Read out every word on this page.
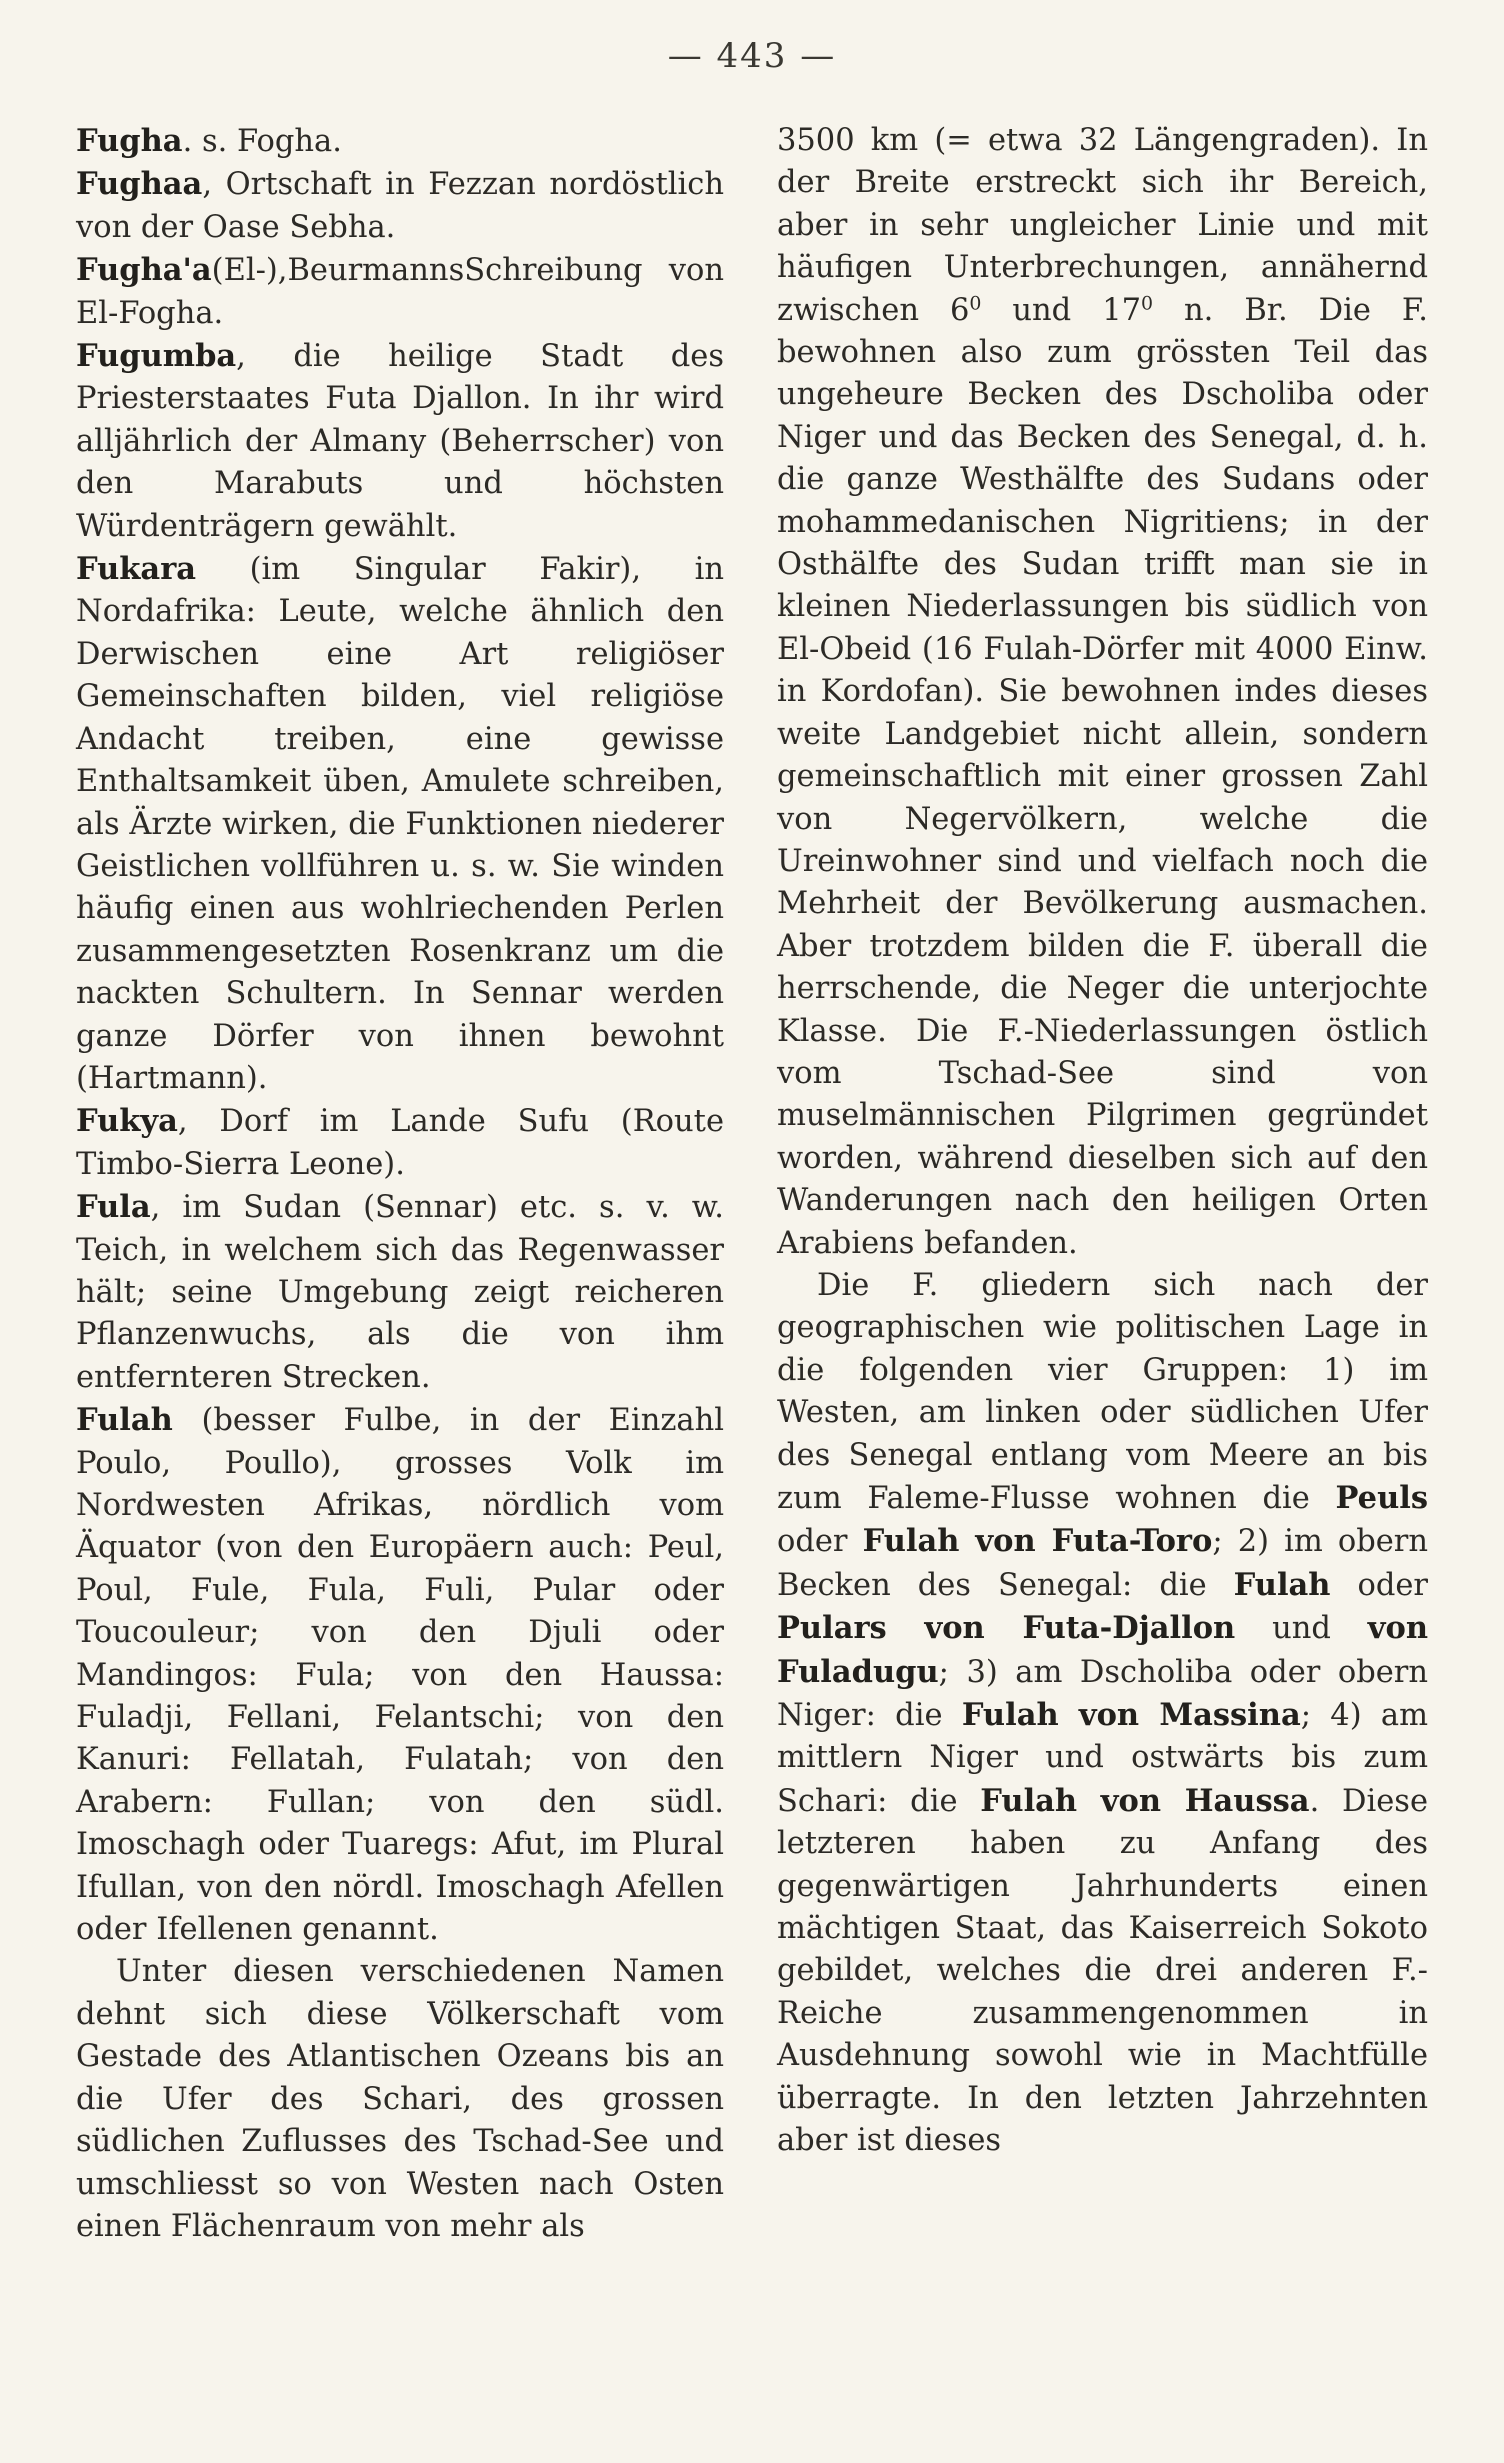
— 443 —

Fugha. s. Fogha.

Fughaa, Ortschaft in Fezzan nordöstlich von der Oase Sebha.

Fugha'a(El-),BeurmannsSchreibung von El-Fogha.

Fugumba, die heilige Stadt des Priesterstaates Futa Djallon. In ihr wird alljährlich der Almany (Beherrscher) von den Marabuts und höchsten Würdenträgern gewählt.

Fukara (im Singular Fakir), in Nordafrika: Leute, welche ähnlich den Derwischen eine Art religiöser Gemeinschaften bilden, viel religiöse Andacht treiben, eine gewisse Enthaltsamkeit üben, Amulete schreiben, als Ärzte wirken, die Funktionen niederer Geistlichen vollführen u. s. w. Sie winden häufig einen aus wohlriechenden Perlen zusammengesetzten Rosenkranz um die nackten Schultern. In Sennar werden ganze Dörfer von ihnen bewohnt (Hartmann).

Fukya, Dorf im Lande Sufu (Route Timbo-Sierra Leone).

Fula, im Sudan (Sennar) etc. s. v. w. Teich, in welchem sich das Regenwasser hält; seine Umgebung zeigt reicheren Pflanzenwuchs, als die von ihm entfernteren Strecken.

Fulah (besser Fulbe, in der Einzahl Poulo, Poullo), grosses Volk im Nordwesten Afrikas, nördlich vom Äquator (von den Europäern auch: Peul, Poul, Fule, Fula, Fuli, Pular oder Toucouleur; von den Djuli oder Mandingos: Fula; von den Haussa: Fuladji, Fellani, Felantschi; von den Kanuri: Fellatah, Fulatah; von den Arabern: Fullan; von den südl. Imoschagh oder Tuaregs: Afut, im Plural Ifullan, von den nördl. Imoschagh Afellen oder Ifellenen genannt.

Unter diesen verschiedenen Namen dehnt sich diese Völkerschaft vom Gestade des Atlantischen Ozeans bis an die Ufer des Schari, des grossen südlichen Zuflusses des Tschad-See und umschliesst so von Westen nach Osten einen Flächenraum von mehr als

3500 km (= etwa 32 Längengraden). In der Breite erstreckt sich ihr Bereich, aber in sehr ungleicher Linie und mit häufigen Unterbrechungen, annähernd zwischen $6^0$ und $17^0$ n. Br. Die F. bewohnen also zum grössten Teil das ungeheure Becken des Dscholiba oder Niger und das Becken des Senegal, d. h. die ganze Westhälfte des Sudans oder mohammedanischen Nigritiens; in der Osthälfte des Sudan trifft man sie in kleinen Niederlassungen bis südlich von El-Obeid (16 Fulah-Dörfer mit 4000 Einw. in Kordofan). Sie bewohnen indes dieses weite Landgebiet nicht allein, sondern gemeinschaftlich mit einer grossen Zahl von Negervölkern, welche die Ureinwohner sind und vielfach noch die Mehrheit der Bevölkerung ausmachen. Aber trotzdem bilden die F. überall die herrschende, die Neger die unterjochte Klasse. Die F.-Niederlassungen östlich vom Tschad-See sind von muselmännischen Pilgrimen gegründet worden, während dieselben sich auf den Wanderungen nach den heiligen Orten Arabiens befanden.

Die F. gliedern sich nach der geographischen wie politischen Lage in die folgenden vier Gruppen: 1) im Westen, am linken oder südlichen Ufer des Senegal entlang vom Meere an bis zum Faleme-Flusse wohnen die Peuls oder Fulah von Futa-Toro; 2) im obern Becken des Senegal: die Fulah oder Pulars von Futa-Djallon und von Fuladugu; 3) am Dscholiba oder obern Niger: die Fulah von Massina; 4) am mittlern Niger und ostwärts bis zum Schari: die Fulah von Haussa. Diese letzteren haben zu Anfang des gegenwärtigen Jahrhunderts einen mächtigen Staat, das Kaiserreich Sokoto gebildet, welches die drei anderen F.-Reiche zusammengenommen in Ausdehnung sowohl wie in Machtfülle überragte. In den letzten Jahrzehnten aber ist dieses
